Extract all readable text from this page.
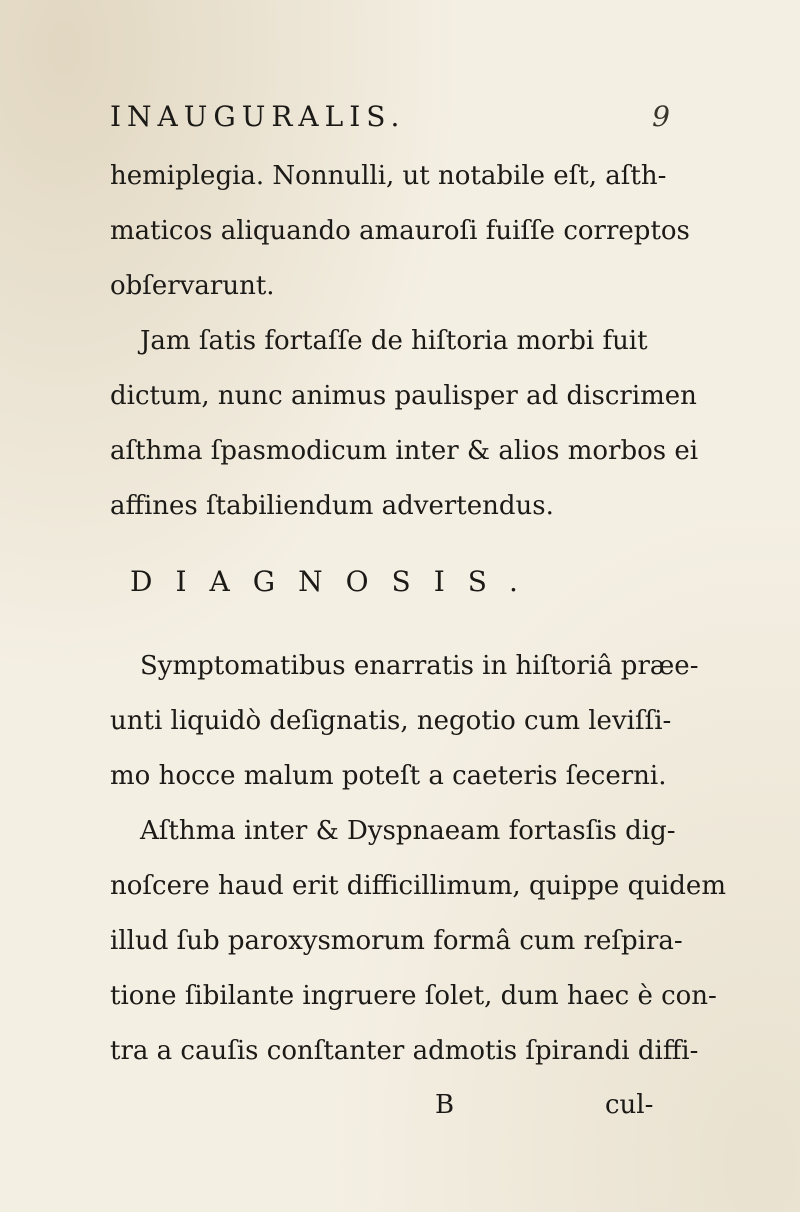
INAUGURALIS.	9
hemiplegia. Nonnulli, ut notabile eſt, aſth-
maticos aliquando amauroſi fuiſſe correptos
obſervarunt.
Jam ſatis fortaſſe de hiſtoria morbi fuit
dictum, nunc animus paulisper ad discrimen
aſthma ſpasmodicum inter & alios morbos ei
affines ſtabiliendum advertendus.
DIAGNOSIS.
Symptomatibus enarratis in hiſtoriâ præe-
unti liquidò deſignatis, negotio cum leviſſi-
mo hocce malum poteſt a caeteris ſecerni.
Aſthma inter & Dyspnaeam fortasſis dig-
noſcere haud erit difficillimum, quippe quidem
illud ſub paroxysmorum formâ cum reſpira-
tione ſibilante ingruere ſolet, dum haec è con-
tra a cauſis conſtanter admotis ſpirandi diffi-
B	cul-
